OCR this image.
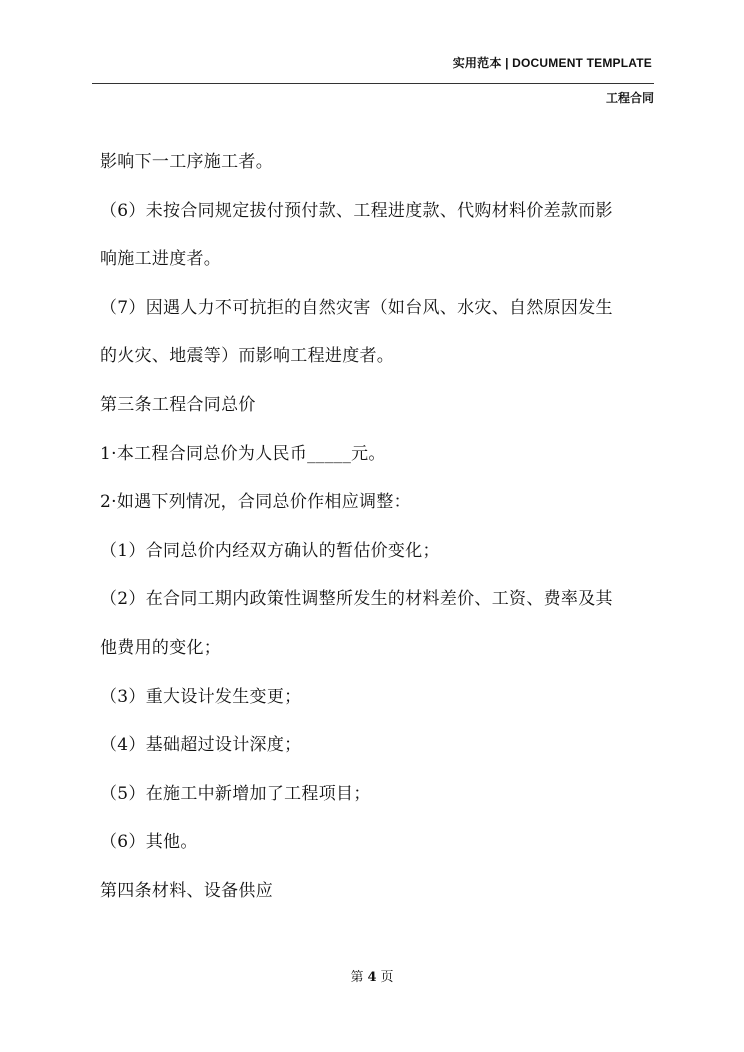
实用范本 | DOCUMENT TEMPLATE
工程合同

影响下一工序施工者。

（6）未按合同规定拔付预付款、工程进度款、代购材料价差款而影

响施工进度者。

（7）因遇人力不可抗拒的自然灾害（如台风、水灾、自然原因发生

的火灾、地震等）而影响工程进度者。

第三条工程合同总价

1·本工程合同总价为人民币_____元。

2·如遇下列情况，合同总价作相应调整：

（1）合同总价内经双方确认的暂估价变化；

（2）在合同工期内政策性调整所发生的材料差价、工资、费率及其

他费用的变化；

（3）重大设计发生变更；

（4）基础超过设计深度；

（5）在施工中新增加了工程项目；

（6）其他。

第四条材料、设备供应

第 4 页
